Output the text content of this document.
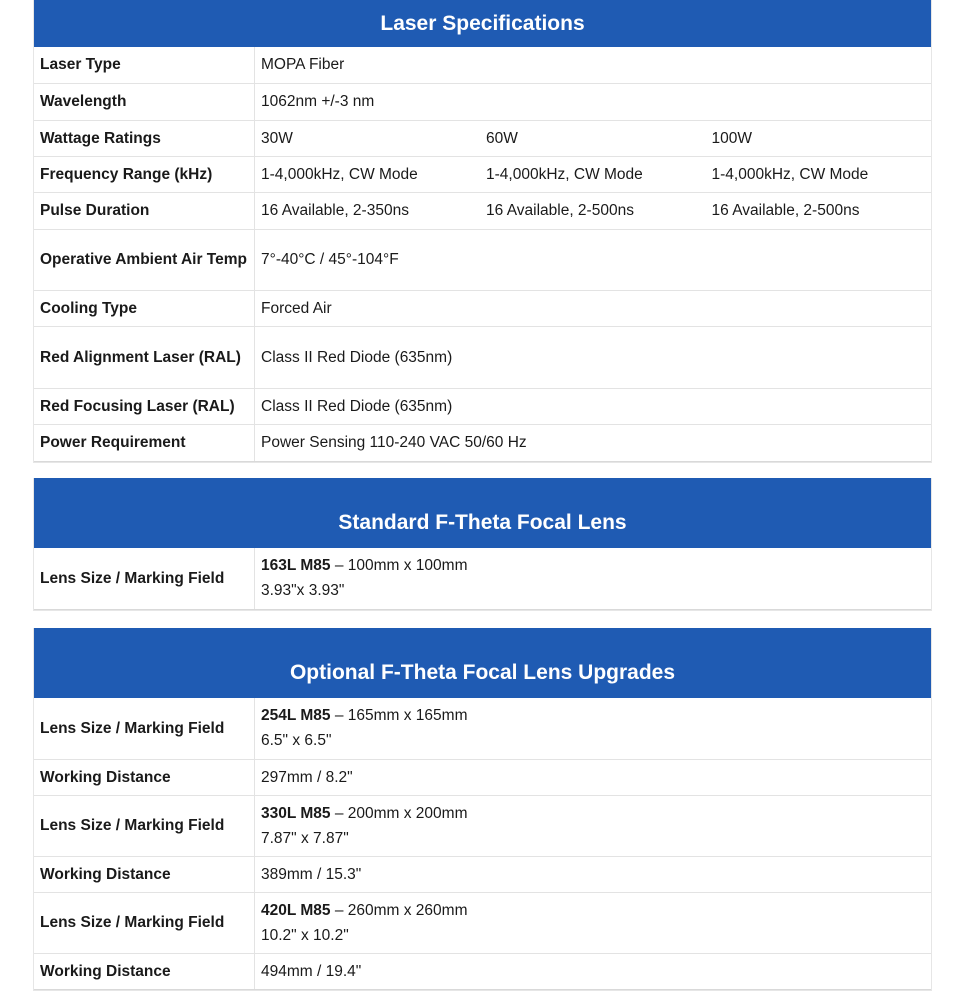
Laser Specifications
Laser Type	MOPA Fiber		
Wavelength	1062nm +/-3 nm		
Wattage Ratings	30W	60W	100W
Frequency Range (kHz)	1-4,000kHz, CW Mode	1-4,000kHz, CW Mode	1-4,000kHz, CW Mode
Pulse Duration	16 Available, 2-350ns	16 Available, 2-500ns	16 Available, 2-500ns
Operative Ambient Air Temp	7°-40°C / 45°-104°F		
Cooling Type	Forced Air		
Red Alignment Laser (RAL)	Class II Red Diode (635nm)		
Red Focusing Laser (RAL)	Class II Red Diode (635nm)		
Power Requirement	Power Sensing 110-240 VAC 50/60 Hz		
Standard F-Theta Focal Lens
Lens Size / Marking Field	163L M85 – 100mm x 100mm
3.93"x 3.93"
Optional F-Theta Focal Lens Upgrades
Lens Size / Marking Field	254L M85 – 165mm x 165mm
6.5" x 6.5"
Working Distance	297mm / 8.2"
Lens Size / Marking Field	330L M85 – 200mm x 200mm
7.87" x 7.87"
Working Distance	389mm / 15.3"
Lens Size / Marking Field	420L M85 – 260mm x 260mm
10.2" x 10.2"
Working Distance	494mm / 19.4"
